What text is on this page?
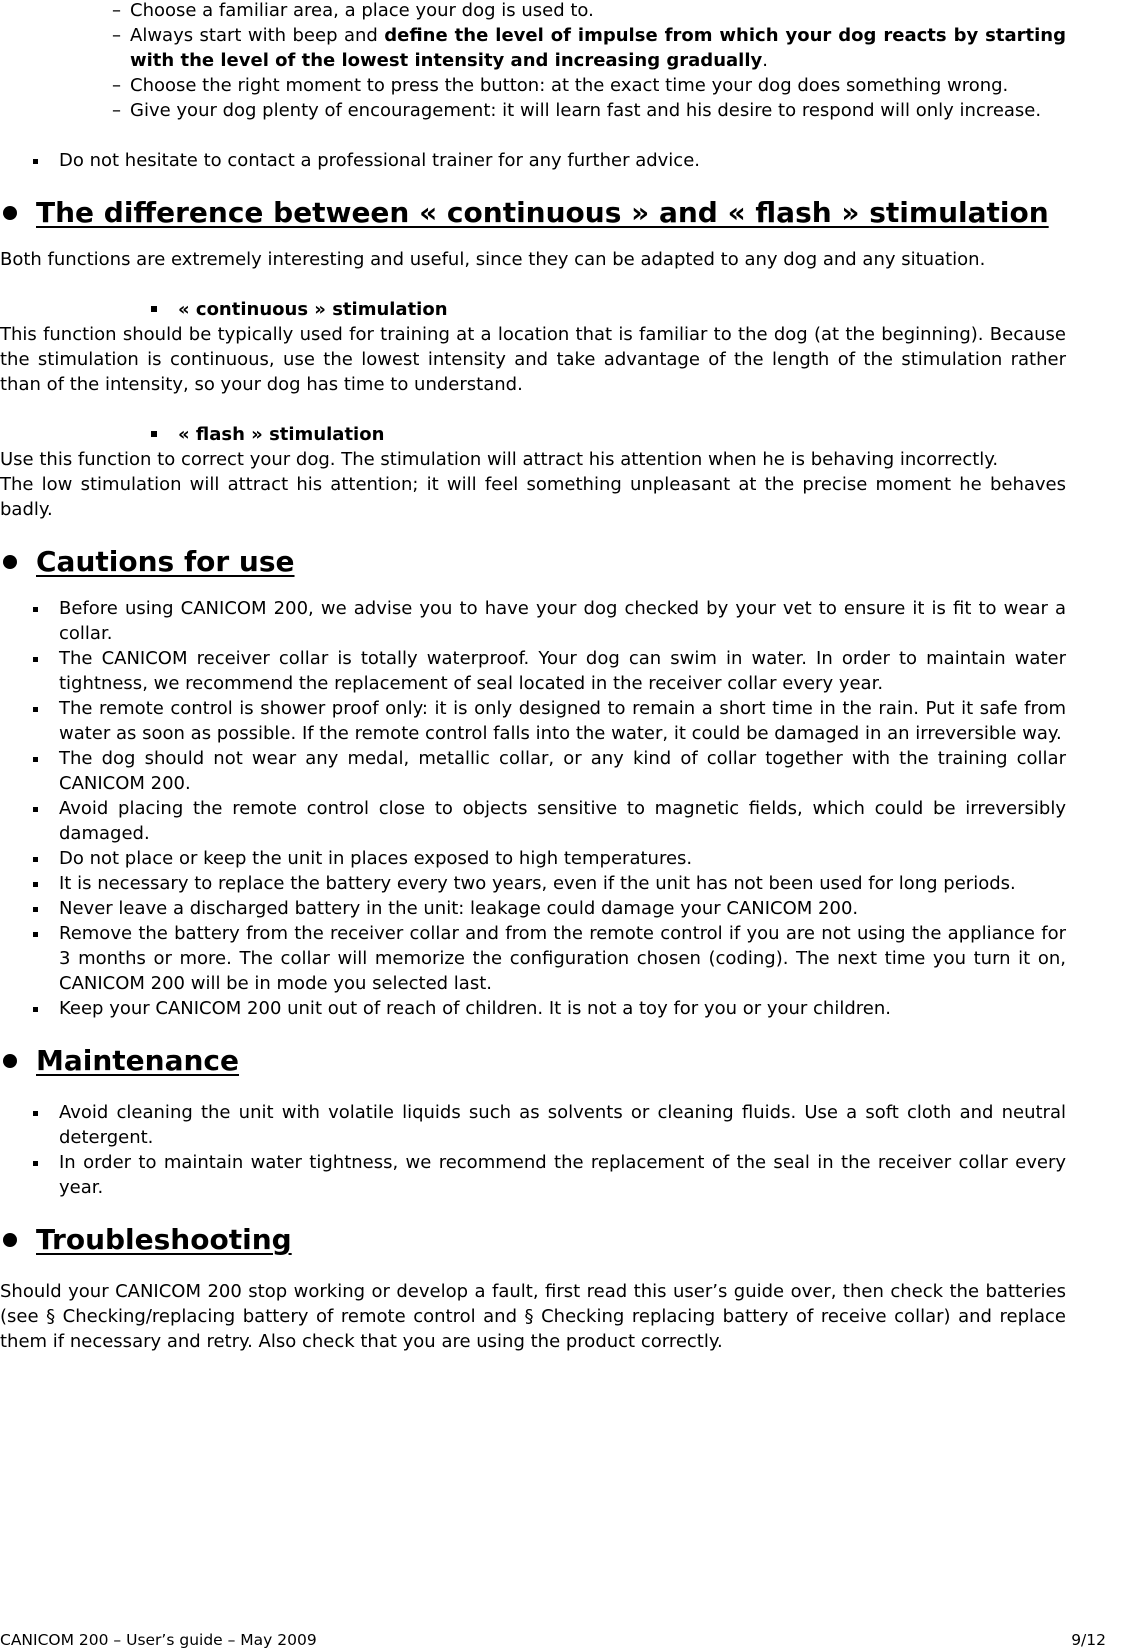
– Choose a familiar area, a place your dog is used to.
– Always start with beep and define the level of impulse from which your dog reacts by starting with the level of the lowest intensity and increasing gradually.
– Choose the right moment to press the button: at the exact time your dog does something wrong.
– Give your dog plenty of encouragement: it will learn fast and his desire to respond will only increase.
Do not hesitate to contact a professional trainer for any further advice.
The difference between « continuous » and « flash » stimulation

Both functions are extremely interesting and useful, since they can be adapted to any dog and any situation.

« continuous » stimulation

This function should be typically used for training at a location that is familiar to the dog (at the beginning). Because the stimulation is continuous, use the lowest intensity and take advantage of the length of the stimulation rather than of the intensity, so your dog has time to understand.

« flash » stimulation

Use this function to correct your dog. The stimulation will attract his attention when he is behaving incorrectly.

The low stimulation will attract his attention; it will feel something unpleasant at the precise moment he behaves badly.

Cautions for use
Before using CANICOM 200, we advise you to have your dog checked by your vet to ensure it is fit to wear a collar.
The CANICOM receiver collar is totally waterproof. Your dog can swim in water. In order to maintain water tightness, we recommend the replacement of seal located in the receiver collar every year.
The remote control is shower proof only: it is only designed to remain a short time in the rain. Put it safe from water as soon as possible. If the remote control falls into the water, it could be damaged in an irreversible way.
The dog should not wear any medal, metallic collar, or any kind of collar together with the training collar CANICOM 200.
Avoid placing the remote control close to objects sensitive to magnetic fields, which could be irreversibly damaged.
Do not place or keep the unit in places exposed to high temperatures.
It is necessary to replace the battery every two years, even if the unit has not been used for long periods.
Never leave a discharged battery in the unit: leakage could damage your CANICOM 200.
Remove the battery from the receiver collar and from the remote control if you are not using the appliance for 3 months or more. The collar will memorize the configuration chosen (coding). The next time you turn it on, CANICOM 200 will be in mode you selected last.
Keep your CANICOM 200 unit out of reach of children. It is not a toy for you or your children.
Maintenance
Avoid cleaning the unit with volatile liquids such as solvents or cleaning fluids. Use a soft cloth and neutral detergent.
In order to maintain water tightness, we recommend the replacement of the seal in the receiver collar every year.
Troubleshooting

Should your CANICOM 200 stop working or develop a fault, first read this user’s guide over, then check the batteries (see § Checking/replacing battery of remote control and § Checking replacing battery of receive collar) and replace them if necessary and retry. Also check that you are using the product correctly.

CANICOM 200 – User’s guide – May 2009	9/12
